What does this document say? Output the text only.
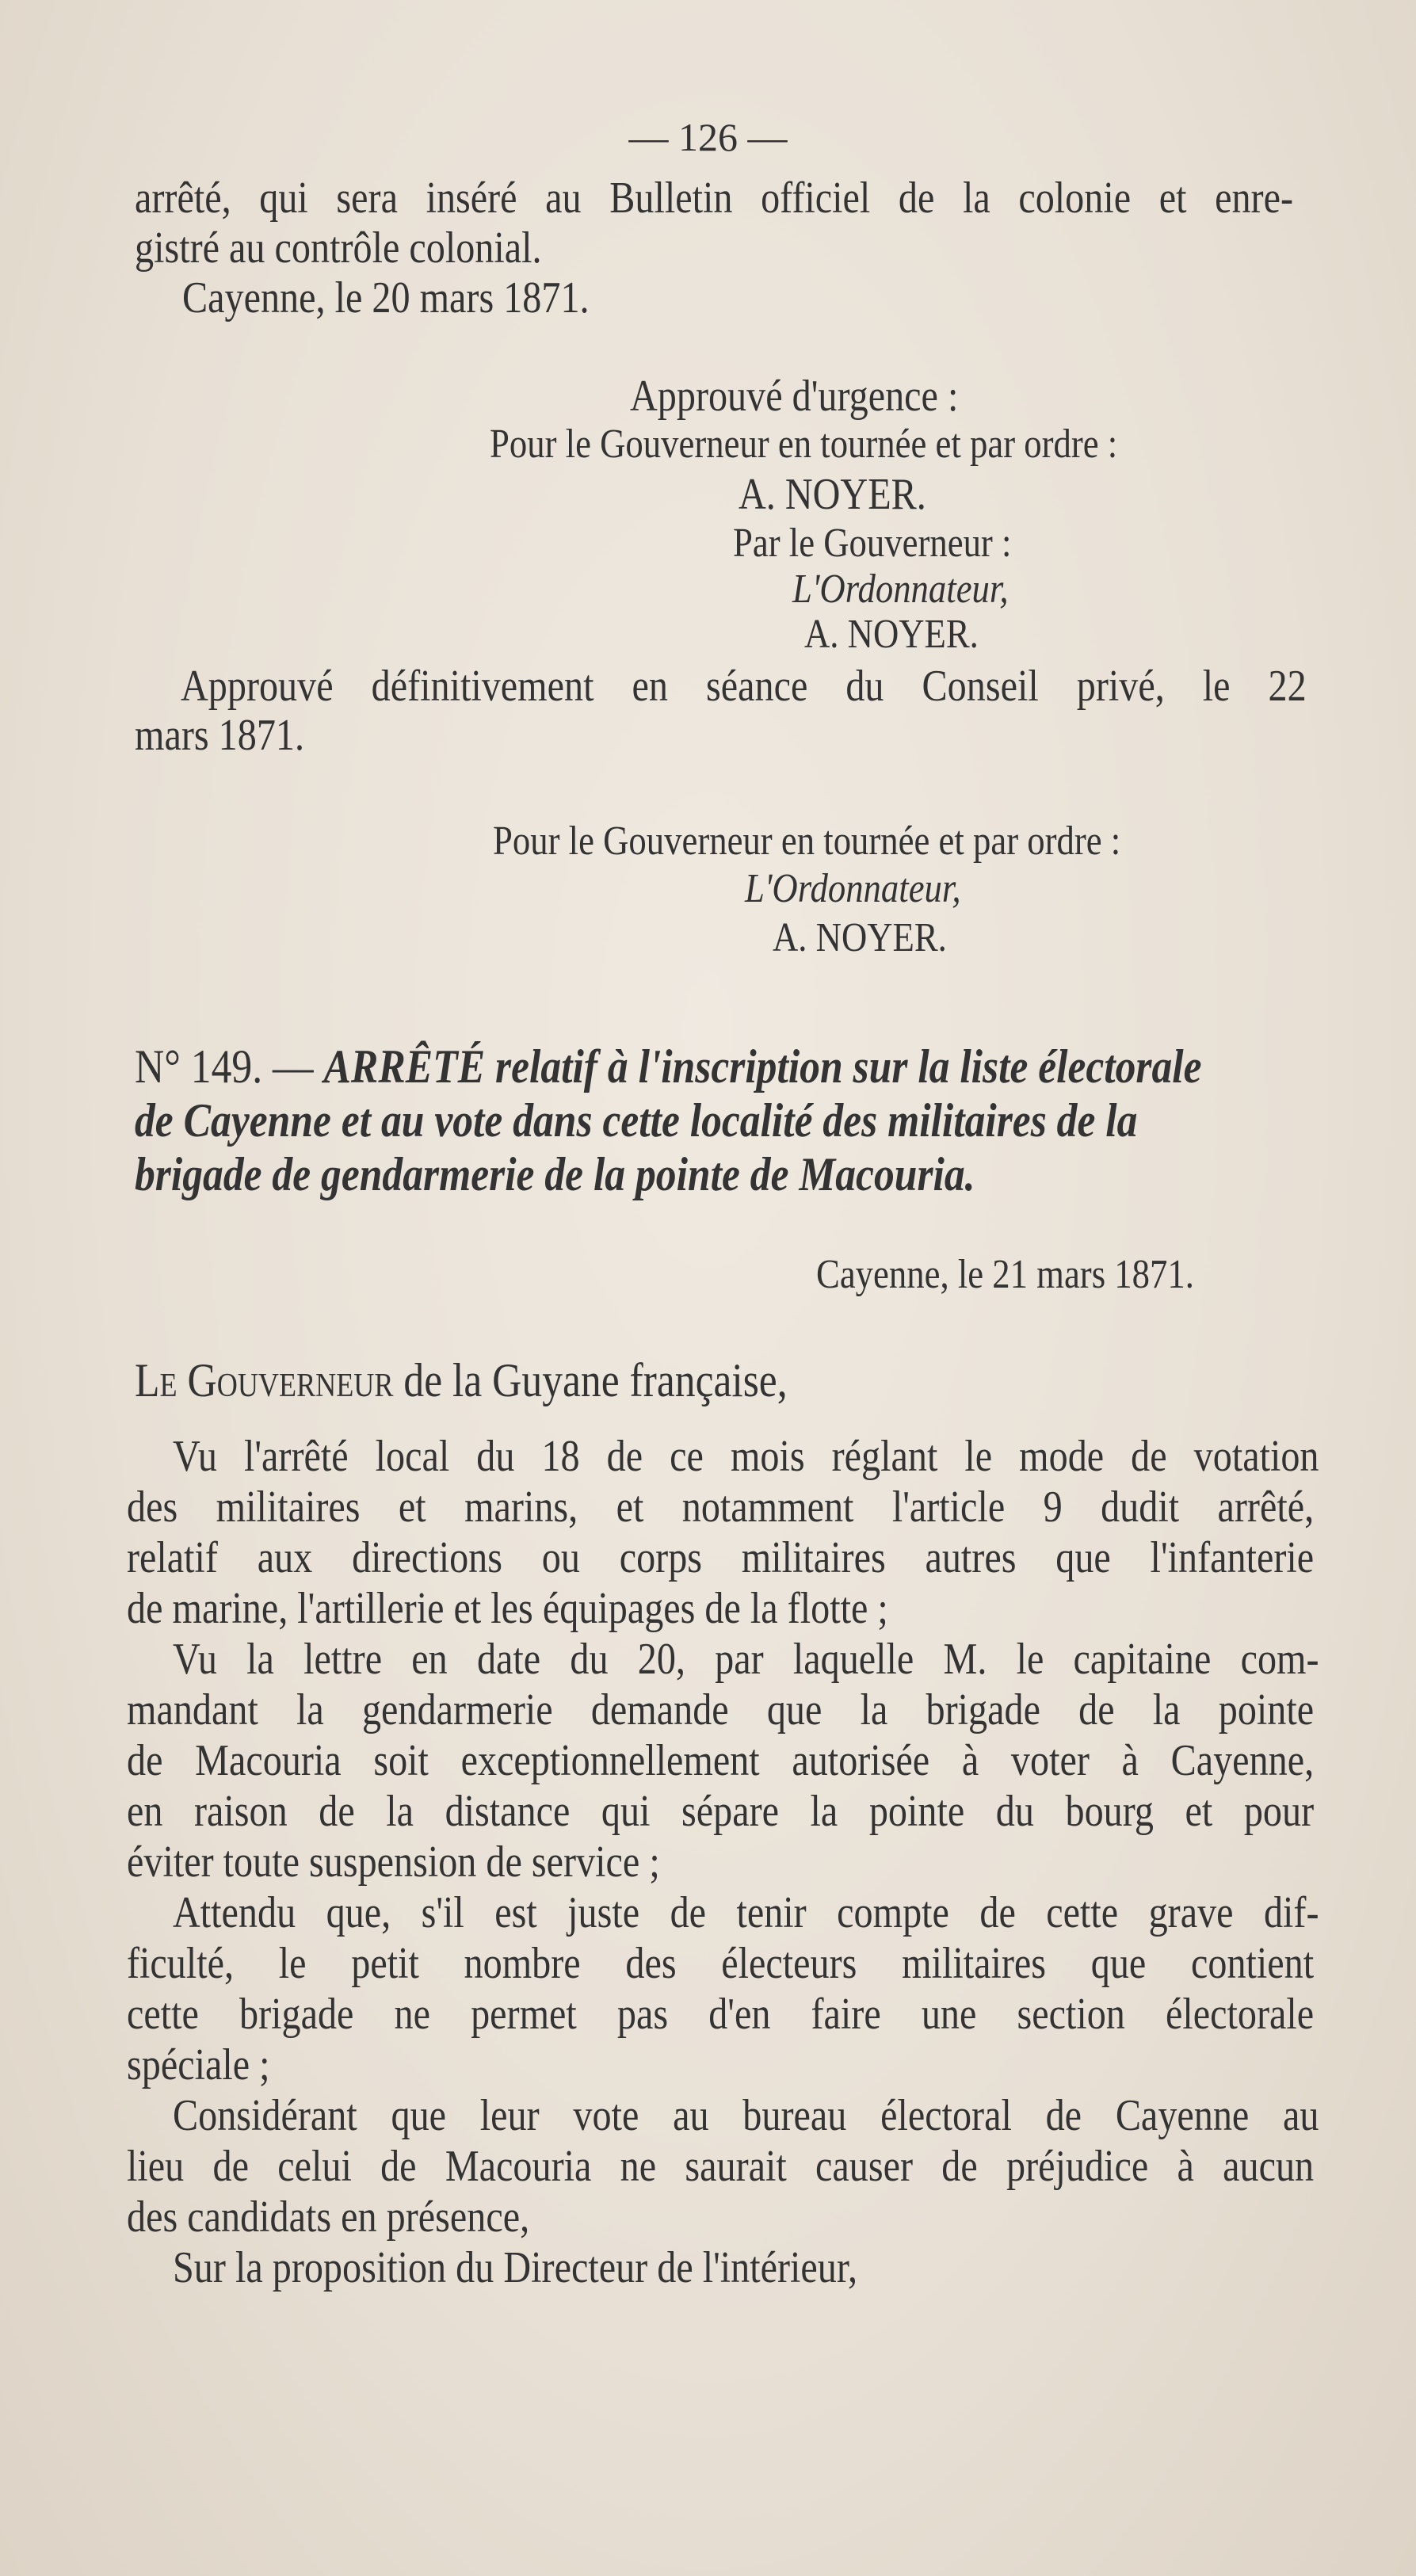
— 126 —

arrêté, qui sera inséré au Bulletin officiel de la colonie et enre-

gistré au contrôle colonial.

Cayenne, le 20 mars 1871.

Approuvé d'urgence :

Pour le Gouverneur en tournée et par ordre :

A. NOYER.

Par le Gouverneur :

L'Ordonnateur,

A. NOYER.

Approuvé définitivement en séance du Conseil privé, le 22

mars 1871.

Pour le Gouverneur en tournée et par ordre :

L'Ordonnateur,

A. NOYER.

N° 149. — ARRÊTÉ relatif à l'inscription sur la liste électorale

de Cayenne et au vote dans cette localité des militaires de la

brigade de gendarmerie de la pointe de Macouria.

Cayenne, le 21 mars 1871.

Le Gouverneur de la Guyane française,

Vu l'arrêté local du 18 de ce mois réglant le mode de votation

des militaires et marins, et notamment l'article 9 dudit arrêté,

relatif aux directions ou corps militaires autres que l'infanterie

de marine, l'artillerie et les équipages de la flotte ;

Vu la lettre en date du 20, par laquelle M. le capitaine com-

mandant la gendarmerie demande que la brigade de la pointe

de Macouria soit exceptionnellement autorisée à voter à Cayenne,

en raison de la distance qui sépare la pointe du bourg et pour

éviter toute suspension de service ;

Attendu que, s'il est juste de tenir compte de cette grave dif-

ficulté, le petit nombre des électeurs militaires que contient

cette brigade ne permet pas d'en faire une section électorale

spéciale ;

Considérant que leur vote au bureau électoral de Cayenne au

lieu de celui de Macouria ne saurait causer de préjudice à aucun

des candidats en présence,

Sur la proposition du Directeur de l'intérieur,
